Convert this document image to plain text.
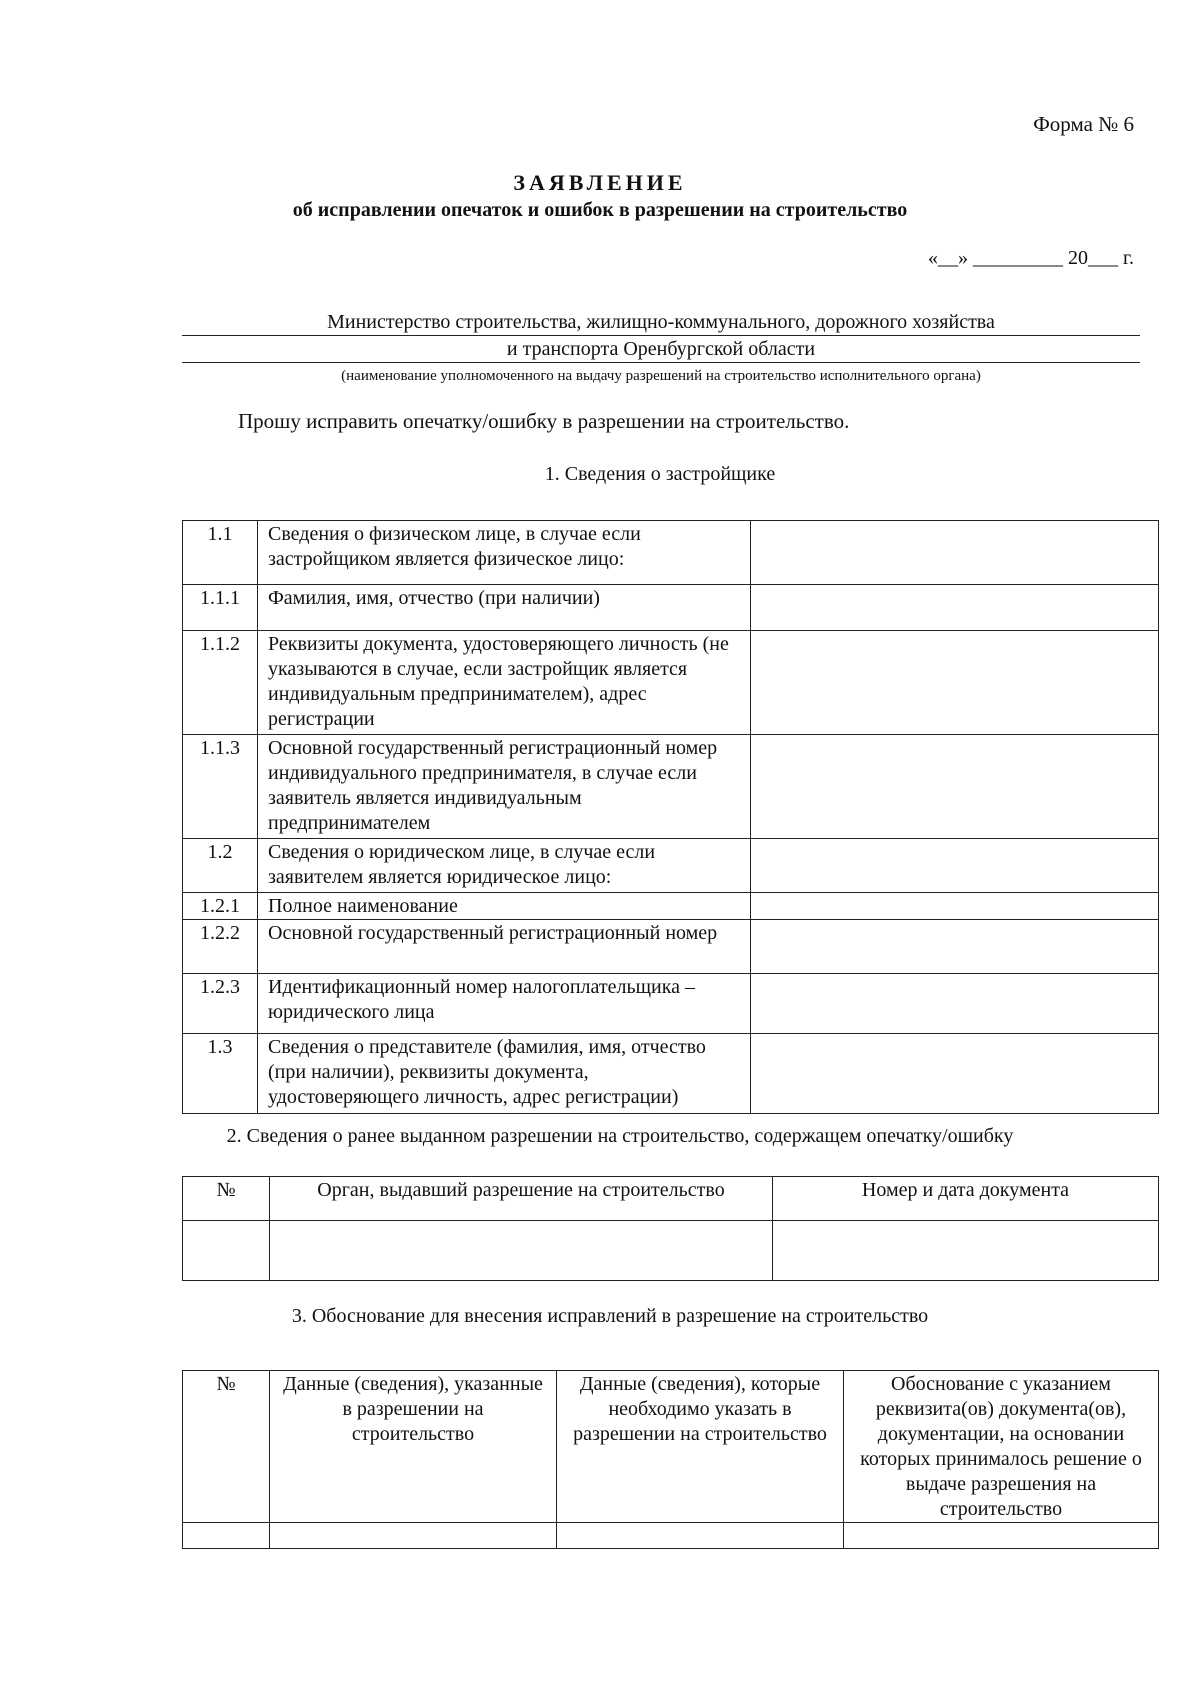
Форма № 6
ЗАЯВЛЕНИЕ
об исправлении опечаток и ошибок в разрешении на строительство
«__» _________ 20___ г.
Министерство строительства, жилищно-коммунального, дорожного хозяйства
и транспорта Оренбургской области
(наименование уполномоченного на выдачу разрешений на строительство исполнительного органа)
Прошу исправить опечатку/ошибку в разрешении на строительство.
1. Сведения о застройщике
1.1	Сведения о физическом лице, в случае если застройщиком является физическое лицо:	
1.1.1	Фамилия, имя, отчество (при наличии)	
1.1.2	Реквизиты документа, удостоверяющего личность (не указываются в случае, если застройщик является индивидуальным предпринимателем), адрес регистрации	
1.1.3	Основной государственный регистрационный номер индивидуального предпринимателя, в случае если заявитель является индивидуальным предпринимателем	
1.2	Сведения о юридическом лице, в случае если заявителем является юридическое лицо:	
1.2.1	Полное наименование	
1.2.2	Основной государственный регистрационный номер	
1.2.3	Идентификационный номер налогоплательщика – юридического лица	
1.3	Сведения о представителе (фамилия, имя, отчество (при наличии), реквизиты документа, удостоверяющего личность, адрес регистрации)	
2. Сведения о ранее выданном разрешении на строительство, содержащем опечатку/ошибку
№	Орган, выдавший разрешение на строительство	Номер и дата документа

3. Обоснование для внесения исправлений в разрешение на строительство
№	Данные (сведения), указанные в разрешении на строительство	Данные (сведения), которые необходимо указать в разрешении на строительство	Обоснование с указанием реквизита(ов) документа(ов), документации, на основании которых принималось решение о выдаче разрешения на строительство
